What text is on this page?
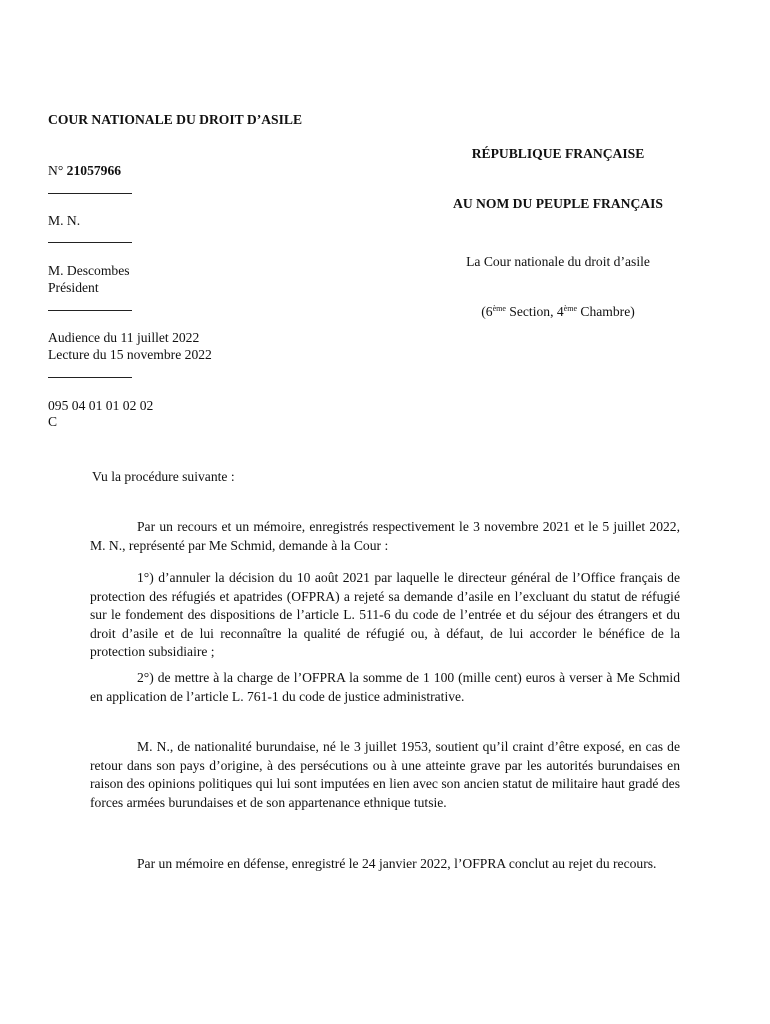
COUR NATIONALE DU DROIT D’ASILE
N° 21057966
M. N.
M. Descombes
Président
Audience du 11 juillet 2022
Lecture du 15 novembre 2022
095 04 01 01 02 02
C
RÉPUBLIQUE FRANÇAISE
AU NOM DU PEUPLE FRANÇAIS
La Cour nationale du droit d’asile
(6ème Section, 4ème Chambre)
Vu la procédure suivante :
Par un recours et un mémoire, enregistrés respectivement le 3 novembre 2021 et le 5 juillet 2022, M. N., représenté par Me Schmid, demande à la Cour :
1°) d’annuler la décision du 10 août 2021 par laquelle le directeur général de l’Office français de protection des réfugiés et apatrides (OFPRA) a rejeté sa demande d’asile en l’excluant du statut de réfugié sur le fondement des dispositions de l’article L. 511-6 du code de l’entrée et du séjour des étrangers et du droit d’asile et de lui reconnaître la qualité de réfugié ou, à défaut, de lui accorder le bénéfice de la protection subsidiaire ;
2°) de mettre à la charge de l’OFPRA la somme de 1 100 (mille cent) euros à verser à Me Schmid en application de l’article L. 761-1 du code de justice administrative.
M. N., de nationalité burundaise, né le 3 juillet 1953, soutient qu’il craint d’être exposé, en cas de retour dans son pays d’origine, à des persécutions ou à une atteinte grave par les autorités burundaises en raison des opinions politiques qui lui sont imputées en lien avec son ancien statut de militaire haut gradé des forces armées burundaises et de son appartenance ethnique tutsie.
Par un mémoire en défense, enregistré le 24 janvier 2022, l’OFPRA conclut au rejet du recours.
